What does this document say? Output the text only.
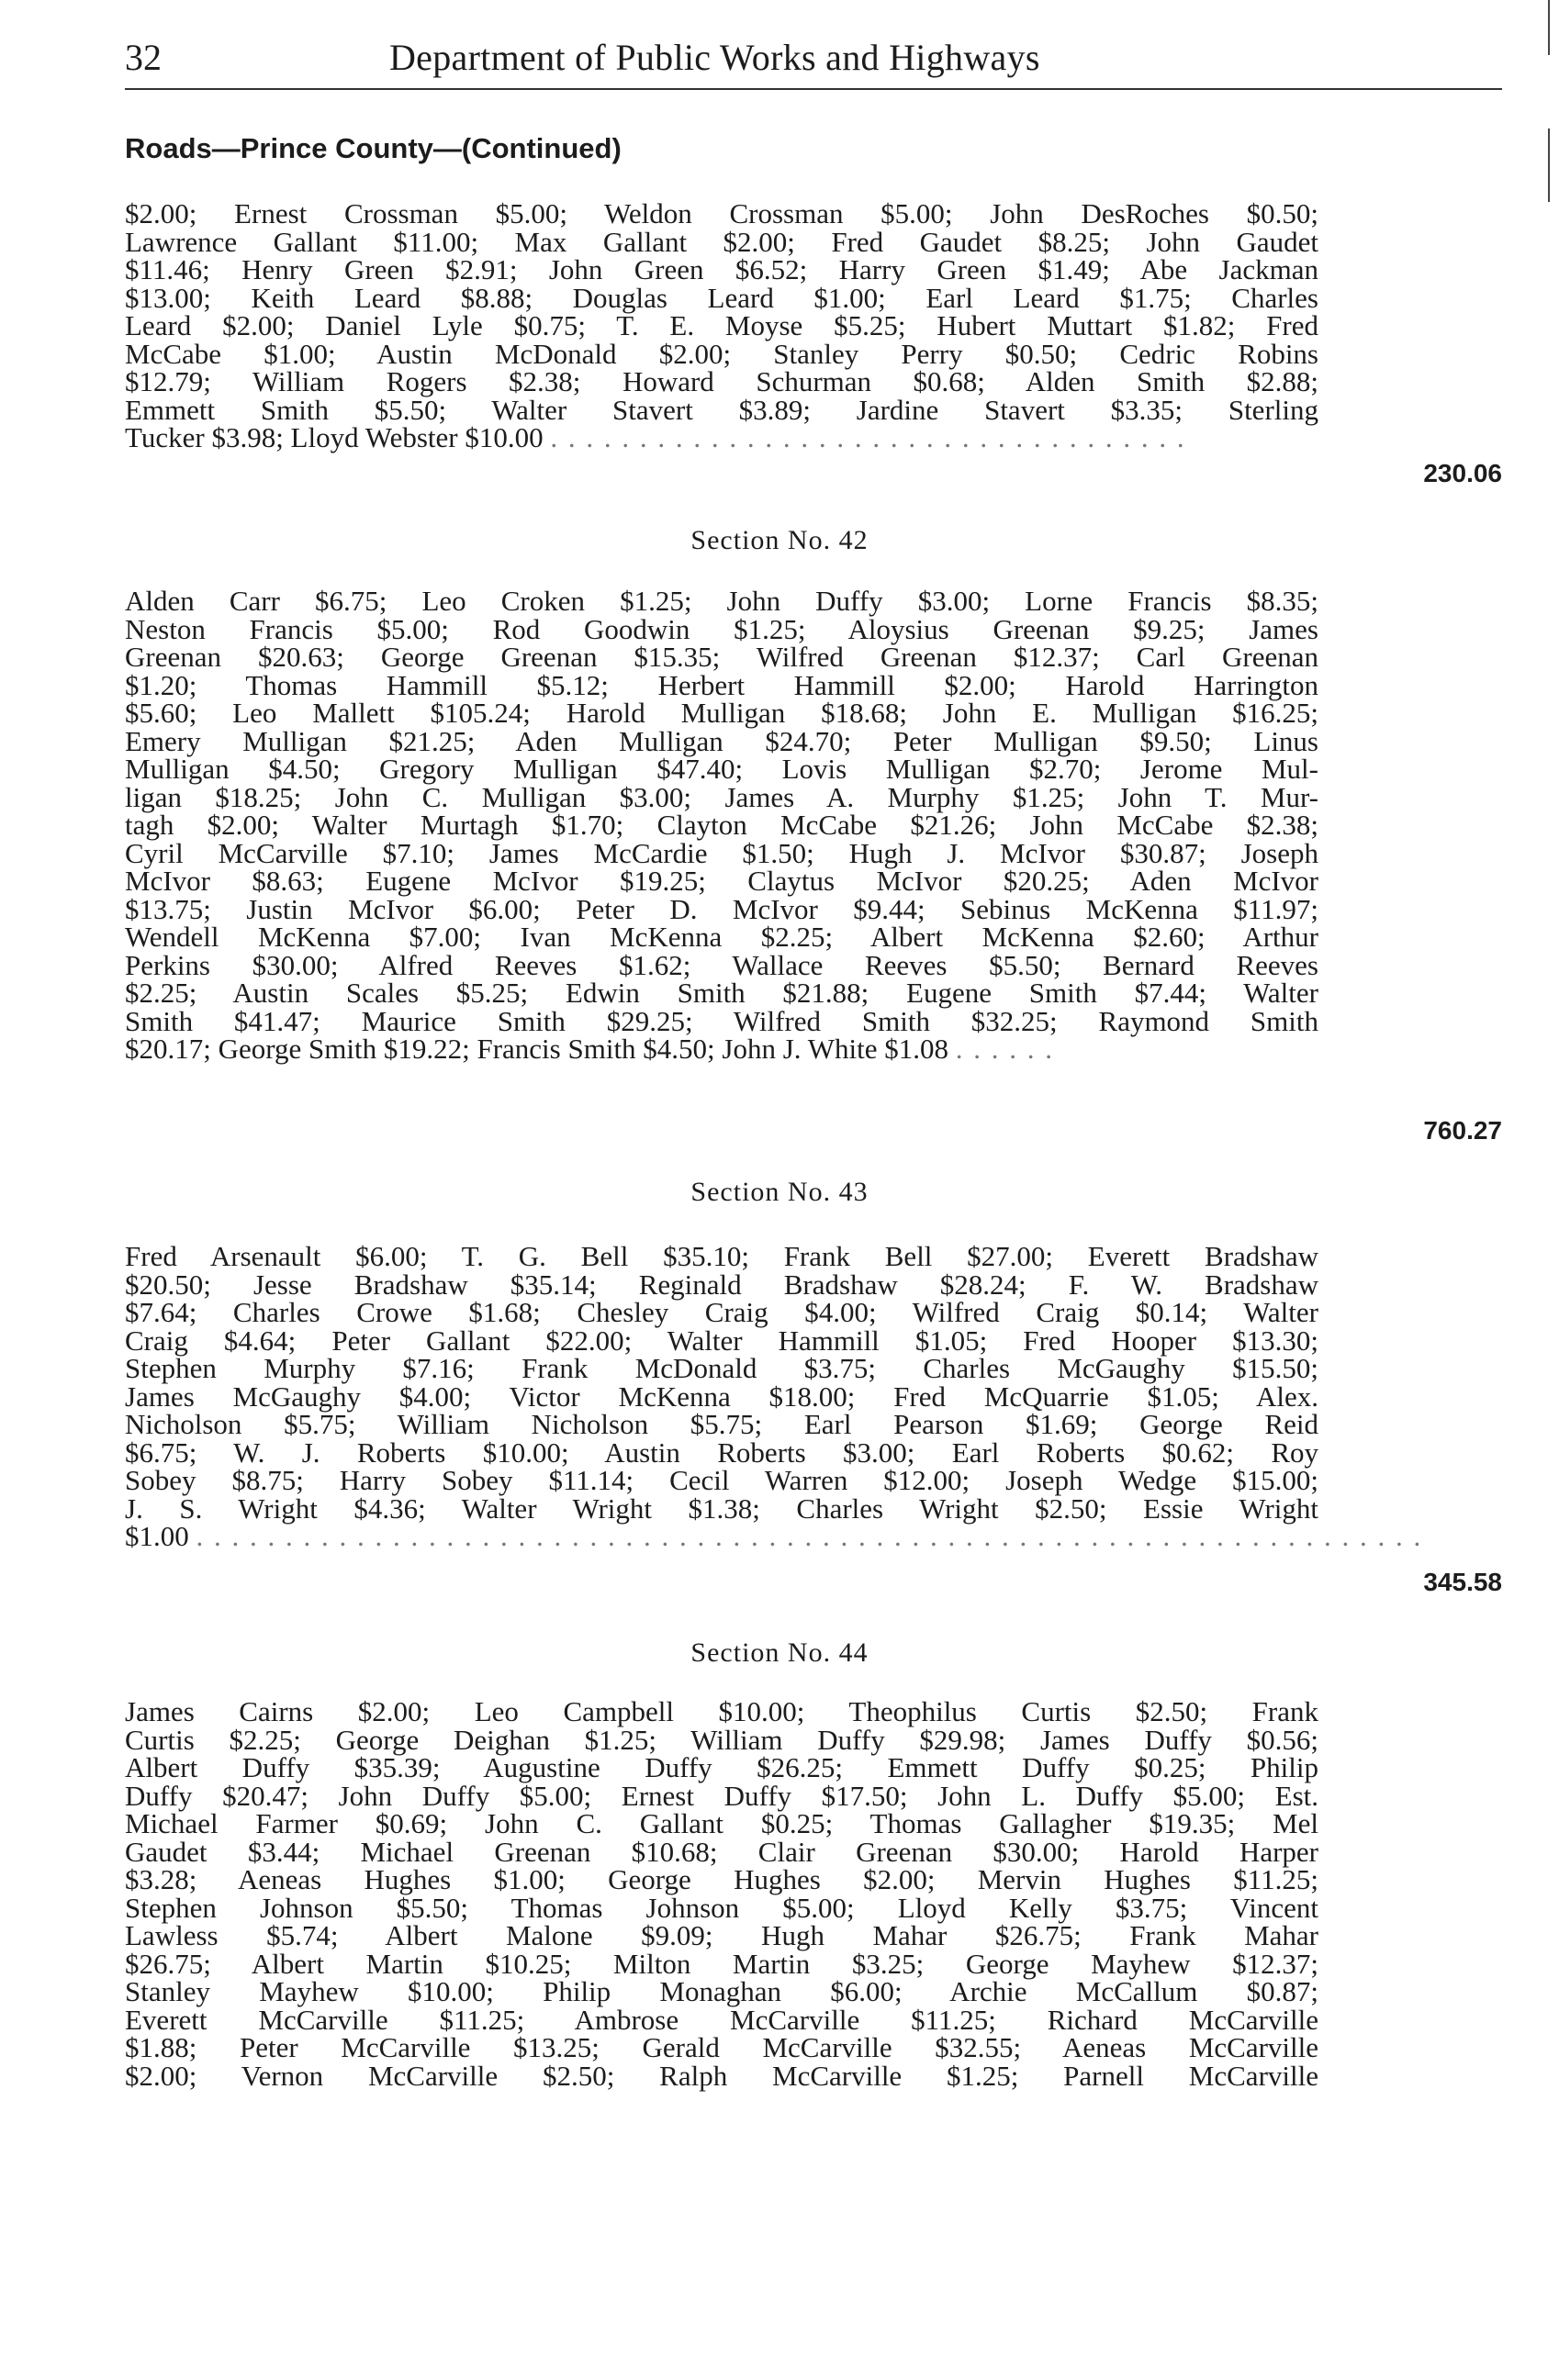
32	Department of Public Works and Highways
Roads—Prince County—(Continued)
$2.00; Ernest Crossman $5.00; Weldon Crossman $5.00; John DesRoches $0.50;
Lawrence Gallant $11.00; Max Gallant $2.00; Fred Gaudet $8.25; John Gaudet
$11.46; Henry Green $2.91; John Green $6.52; Harry Green $1.49; Abe Jackman
$13.00; Keith Leard $8.88; Douglas Leard $1.00; Earl Leard $1.75; Charles
Leard $2.00; Daniel Lyle $0.75; T. E. Moyse $5.25; Hubert Muttart $1.82; Fred
McCabe $1.00; Austin McDonald $2.00; Stanley Perry $0.50; Cedric Robins
$12.79; William Rogers $2.38; Howard Schurman $0.68; Alden Smith $2.88;
Emmett Smith $5.50; Walter Stavert $3.89; Jardine Stavert $3.35; Sterling
Tucker $3.98; Lloyd Webster $10.00 . . . . . . . . . . . . . . . . . . . . . . . . . . . . . . . . . . . .
230.06
Section No. 42
Alden Carr $6.75; Leo Croken $1.25; John Duffy $3.00; Lorne Francis $8.35;
Neston Francis $5.00; Rod Goodwin $1.25; Aloysius Greenan $9.25; James
Greenan $20.63; George Greenan $15.35; Wilfred Greenan $12.37; Carl Greenan
$1.20; Thomas Hammill $5.12; Herbert Hammill $2.00; Harold Harrington
$5.60; Leo Mallett $105.24; Harold Mulligan $18.68; John E. Mulligan $16.25;
Emery Mulligan $21.25; Aden Mulligan $24.70; Peter Mulligan $9.50; Linus
Mulligan $4.50; Gregory Mulligan $47.40; Lovis Mulligan $2.70; Jerome Mul-
ligan $18.25; John C. Mulligan $3.00; James A. Murphy $1.25; John T. Mur-
tagh $2.00; Walter Murtagh $1.70; Clayton McCabe $21.26; John McCabe $2.38;
Cyril McCarville $7.10; James McCardie $1.50; Hugh J. McIvor $30.87; Joseph
McIvor $8.63; Eugene McIvor $19.25; Claytus McIvor $20.25; Aden McIvor
$13.75; Justin McIvor $6.00; Peter D. McIvor $9.44; Sebinus McKenna $11.97;
Wendell McKenna $7.00; Ivan McKenna $2.25; Albert McKenna $2.60; Arthur
Perkins $30.00; Alfred Reeves $1.62; Wallace Reeves $5.50; Bernard Reeves
$2.25; Austin Scales $5.25; Edwin Smith $21.88; Eugene Smith $7.44; Walter
Smith $41.47; Maurice Smith $29.25; Wilfred Smith $32.25; Raymond Smith
$20.17; George Smith $19.22; Francis Smith $4.50; John J. White $1.08 . . . . . .
760.27
Section No. 43
Fred Arsenault $6.00; T. G. Bell $35.10; Frank Bell $27.00; Everett Bradshaw
$20.50; Jesse Bradshaw $35.14; Reginald Bradshaw $28.24; F. W. Bradshaw
$7.64; Charles Crowe $1.68; Chesley Craig $4.00; Wilfred Craig $0.14; Walter
Craig $4.64; Peter Gallant $22.00; Walter Hammill $1.05; Fred Hooper $13.30;
Stephen Murphy $7.16; Frank McDonald $3.75; Charles McGaughy $15.50;
James McGaughy $4.00; Victor McKenna $18.00; Fred McQuarrie $1.05; Alex.
Nicholson $5.75; William Nicholson $5.75; Earl Pearson $1.69; George Reid
$6.75; W. J. Roberts $10.00; Austin Roberts $3.00; Earl Roberts $0.62; Roy
Sobey $8.75; Harry Sobey $11.14; Cecil Warren $12.00; Joseph Wedge $15.00;
J. S. Wright $4.36; Walter Wright $1.38; Charles Wright $2.50; Essie Wright
$1.00 . . . . . . . . . . . . . . . . . . . . . . . . . . . . . . . . . . . . . . . . . . . . . . . . . . . . . . . . . . . . . . . . . . . . .
345.58
Section No. 44
James Cairns $2.00; Leo Campbell $10.00; Theophilus Curtis $2.50; Frank
Curtis $2.25; George Deighan $1.25; William Duffy $29.98; James Duffy $0.56;
Albert Duffy $35.39; Augustine Duffy $26.25; Emmett Duffy $0.25; Philip
Duffy $20.47; John Duffy $5.00; Ernest Duffy $17.50; John L. Duffy $5.00; Est.
Michael Farmer $0.69; John C. Gallant $0.25; Thomas Gallagher $19.35; Mel
Gaudet $3.44; Michael Greenan $10.68; Clair Greenan $30.00; Harold Harper
$3.28; Aeneas Hughes $1.00; George Hughes $2.00; Mervin Hughes $11.25;
Stephen Johnson $5.50; Thomas Johnson $5.00; Lloyd Kelly $3.75; Vincent
Lawless $5.74; Albert Malone $9.09; Hugh Mahar $26.75; Frank Mahar
$26.75; Albert Martin $10.25; Milton Martin $3.25; George Mayhew $12.37;
Stanley Mayhew $10.00; Philip Monaghan $6.00; Archie McCallum $0.87;
Everett McCarville $11.25; Ambrose McCarville $11.25; Richard McCarville
$1.88; Peter McCarville $13.25; Gerald McCarville $32.55; Aeneas McCarville
$2.00; Vernon McCarville $2.50; Ralph McCarville $1.25; Parnell McCarville
